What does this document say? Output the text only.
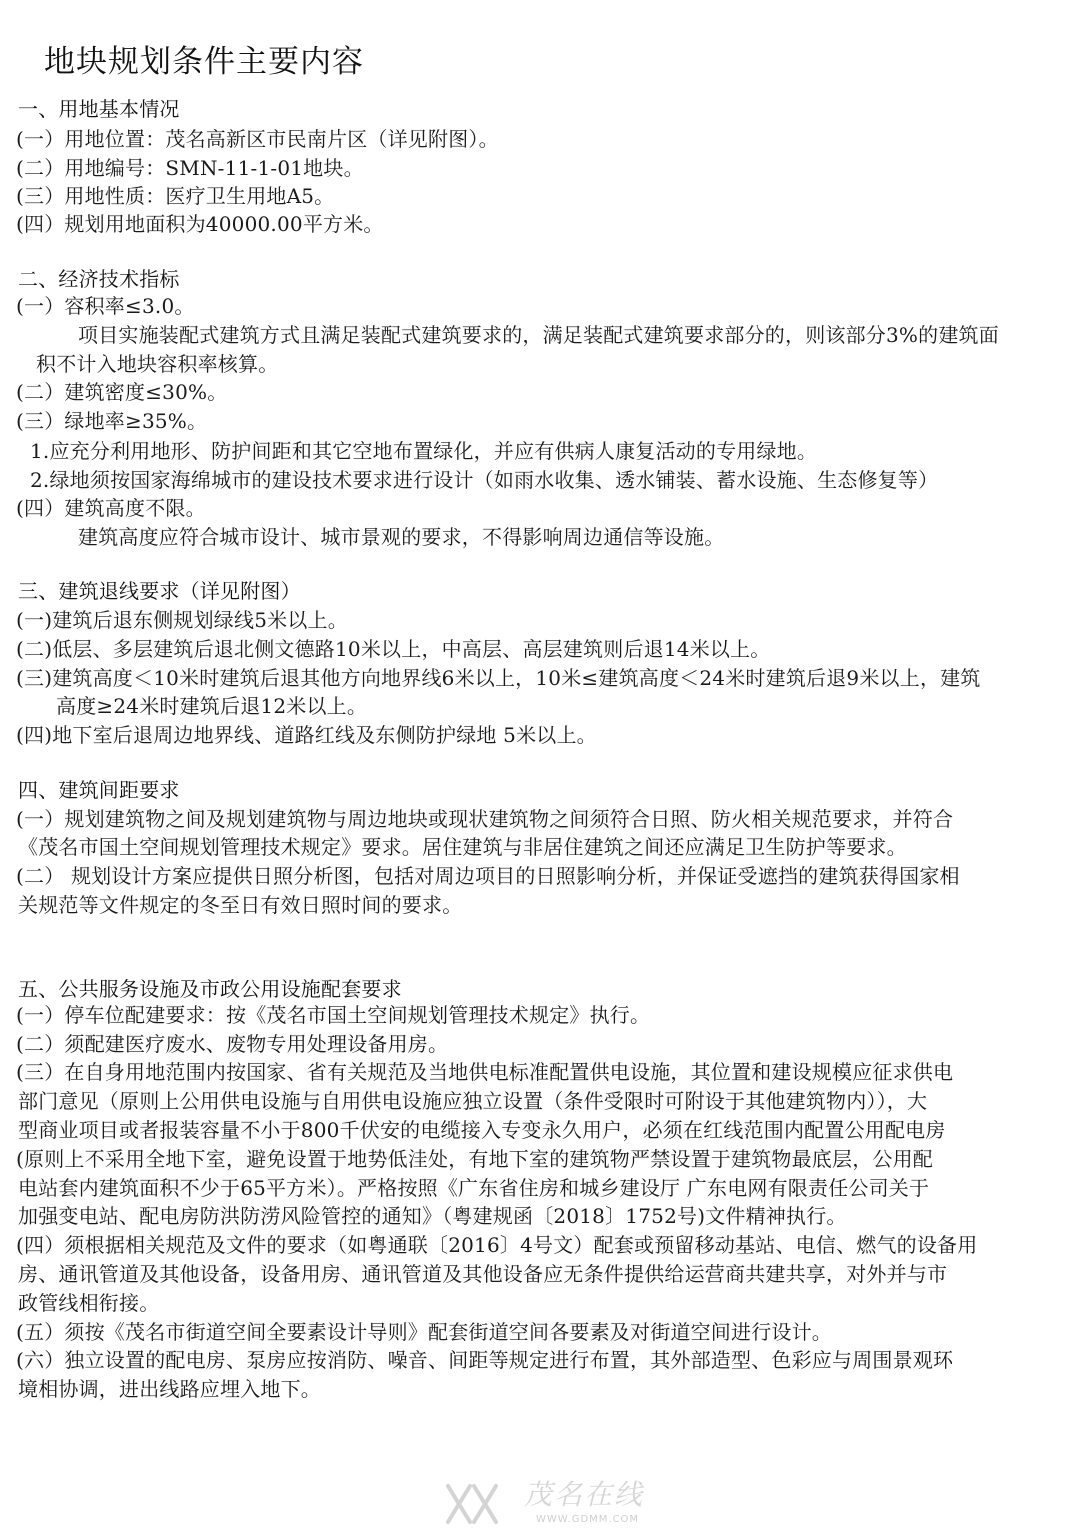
地块规划条件主要内容
一、用地基本情况
(一）用地位置：茂名高新区市民南片区（详见附图）。
(二）用地编号：SMN-11-1-01地块。
(三）用地性质：医疗卫生用地A5。
(四）规划用地面积为40000.00平方米。
二、经济技术指标
(一）容积率≤3.0。
项目实施装配式建筑方式且满足装配式建筑要求的，满足装配式建筑要求部分的，则该部分3%的建筑面
积不计入地块容积率核算。
(二）建筑密度≤30%。
(三）绿地率≥35%。
1.应充分利用地形、防护间距和其它空地布置绿化，并应有供病人康复活动的专用绿地。
2.绿地须按国家海绵城市的建设技术要求进行设计（如雨水收集、透水铺装、蓄水设施、生态修复等）
(四）建筑高度不限。
建筑高度应符合城市设计、城市景观的要求，不得影响周边通信等设施。
三、建筑退线要求（详见附图）
(一)建筑后退东侧规划绿线5米以上。
(二)低层、多层建筑后退北侧文德路10米以上，中高层、高层建筑则后退14米以上。
(三)建筑高度＜10米时建筑后退其他方向地界线6米以上，10米≤建筑高度＜24米时建筑后退9米以上，建筑
高度≥24米时建筑后退12米以上。
(四)地下室后退周边地界线、道路红线及东侧防护绿地 5米以上。
四、建筑间距要求
(一）规划建筑物之间及规划建筑物与周边地块或现状建筑物之间须符合日照、防火相关规范要求，并符合
《茂名市国土空间规划管理技术规定》要求。居住建筑与非居住建筑之间还应满足卫生防护等要求。
(二） 规划设计方案应提供日照分析图，包括对周边项目的日照影响分析，并保证受遮挡的建筑获得国家相
关规范等文件规定的冬至日有效日照时间的要求。
五、公共服务设施及市政公用设施配套要求
(一）停车位配建要求：按《茂名市国土空间规划管理技术规定》执行。
(二）须配建医疗废水、废物专用处理设备用房。
(三）在自身用地范围内按国家、省有关规范及当地供电标准配置供电设施，其位置和建设规模应征求供电
部门意见（原则上公用供电设施与自用供电设施应独立设置（条件受限时可附设于其他建筑物内）），大
型商业项目或者报装容量不小于800千伏安的电缆接入专变永久用户，必须在红线范围内配置公用配电房
(原则上不采用全地下室，避免设置于地势低洼处，有地下室的建筑物严禁设置于建筑物最底层，公用配
电站套内建筑面积不少于65平方米）。严格按照《广东省住房和城乡建设厅 广东电网有限责任公司关于
加强变电站、配电房防洪防涝风险管控的通知》（粤建规函〔2018〕1752号)文件精神执行。
(四）须根据相关规范及文件的要求（如粤通联〔2016〕4号文）配套或预留移动基站、电信、燃气的设备用
房、通讯管道及其他设备，设备用房、通讯管道及其他设备应无条件提供给运营商共建共享，对外并与市
政管线相衔接。
(五）须按《茂名市街道空间全要素设计导则》配套街道空间各要素及对街道空间进行设计。
(六）独立设置的配电房、泵房应按消防、噪音、间距等规定进行布置，其外部造型、色彩应与周围景观环
境相协调，进出线路应埋入地下。
茂名在线
WWW.GDMM.COM
